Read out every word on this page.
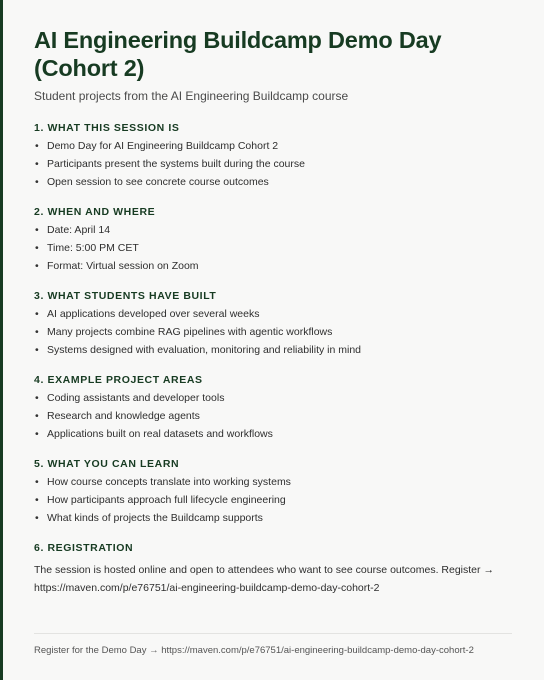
AI Engineering Buildcamp Demo Day (Cohort 2)

Student projects from the AI Engineering Buildcamp course

1. WHAT THIS SESSION IS
• Demo Day for AI Engineering Buildcamp Cohort 2
• Participants present the systems built during the course
• Open session to see concrete course outcomes
2. WHEN AND WHERE
• Date: April 14
• Time: 5:00 PM CET
• Format: Virtual session on Zoom
3. WHAT STUDENTS HAVE BUILT
• AI applications developed over several weeks
• Many projects combine RAG pipelines with agentic workflows
• Systems designed with evaluation, monitoring and reliability in mind
4. EXAMPLE PROJECT AREAS
• Coding assistants and developer tools
• Research and knowledge agents
• Applications built on real datasets and workflows
5. WHAT YOU CAN LEARN
• How course concepts translate into working systems
• How participants approach full lifecycle engineering
• What kinds of projects the Buildcamp supports
6. REGISTRATION

The session is hosted online and open to attendees who want to see course outcomes. Register → https://maven.com/p/e76751/ai-engineering-buildcamp-demo-day-cohort-2

Register for the Demo Day → https://maven.com/p/e76751/ai-engineering-buildcamp-demo-day-cohort-2
